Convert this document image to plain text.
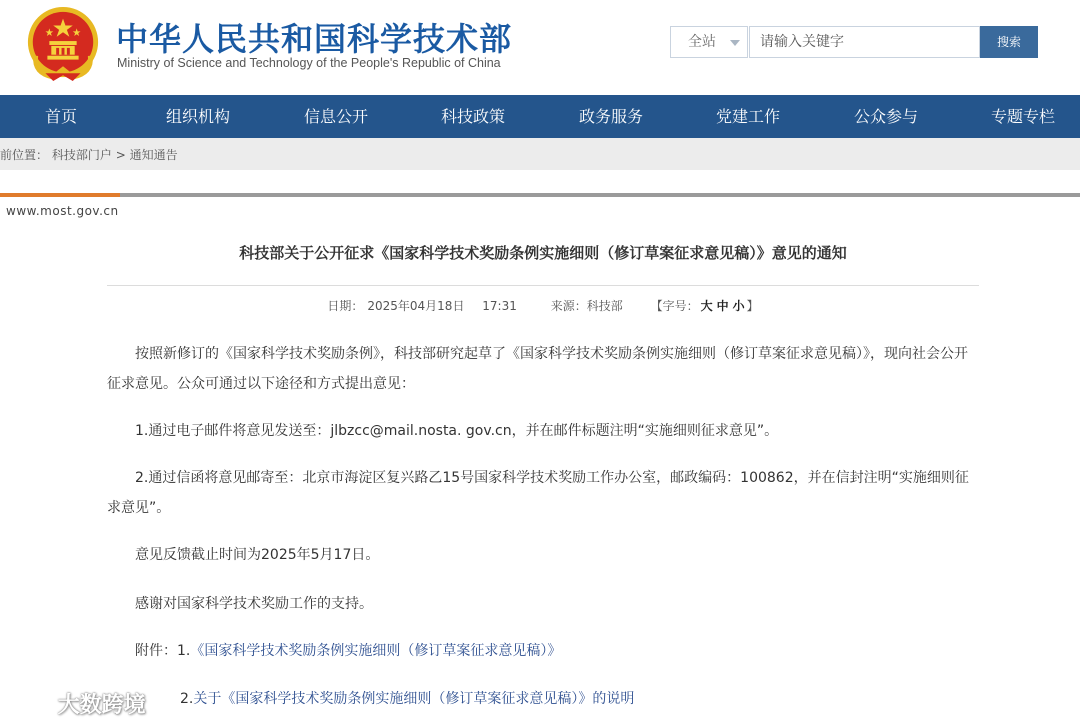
中华人民共和国科学技术部
Ministry of Science and Technology of the People's Republic of China
全站
请输入关键字	搜索
首页	组织机构	信息公开	科技政策	政务服务	党建工作	公众参与	专题专栏
前位置： 科技部门户 > 通知通告
www.most.gov.cn
科技部关于公开征求《国家科学技术奖励条例实施细则（修订草案征求意见稿）》意见的通知
日期： 2025年04月18日 17:31	来源：科技部 【字号： 大 中 小 】

按照新修订的《国家科学技术奖励条例》，科技部研究起草了《国家科学技术奖励条例实施细则（修订草案征求意见稿）》，现向社会公开征求意见。公众可通过以下途径和方式提出意见：

1.通过电子邮件将意见发送至：jlbzcc@mail.nosta. gov.cn，并在邮件标题注明“实施细则征求意见”。

2.通过信函将意见邮寄至：北京市海淀区复兴路乙15号国家科学技术奖励工作办公室，邮政编码：100862，并在信封注明“实施细则征求意见”。

意见反馈截止时间为2025年5月17日。

感谢对国家科学技术奖励工作的支持。

附件：1.《国家科学技术奖励条例实施细则（修订草案征求意见稿）》

2.关于《国家科学技术奖励条例实施细则（修订草案征求意见稿）》的说明

大数跨境
